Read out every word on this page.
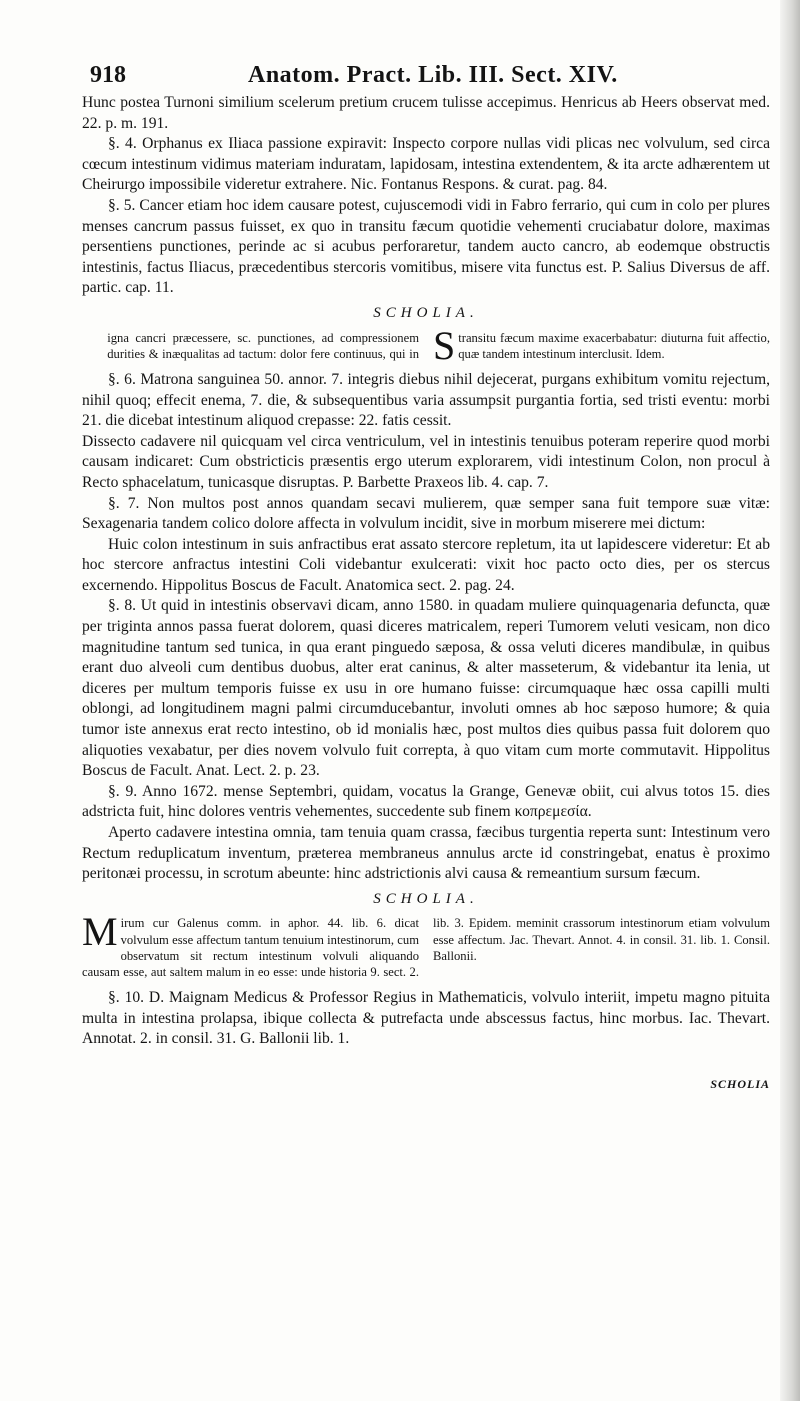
918	Anatom. Pract. Lib. III. Sect. XIV.

Hunc postea Turnoni similium scelerum pretium crucem tulisse accepimus. Henricus ab Heers observat med. 22. p. m. 191.

§. 4. Orphanus ex Iliaca passione expiravit: Inspecto corpore nullas vidi plicas nec volvulum, sed circa cœcum intestinum vidimus materiam induratam, lapidosam, intestina extendentem, & ita arcte adhærentem ut Cheirurgo impossibile videretur extrahere. Nic. Fontanus Respons. & curat. pag. 84.

§. 5. Cancer etiam hoc idem causare potest, cujuscemodi vidi in Fabro ferrario, qui cum in colo per plures menses cancrum passus fuisset, ex quo in transitu fæcum quotidie vehementi cruciabatur dolore, maximas persentiens punctiones, perinde ac si acubus perforaretur, tandem aucto cancro, ab eodemque obstructis intestinis, factus Iliacus, præcedentibus stercoris vomitibus, misere vita functus est. P. Salius Diversus de aff. partic. cap. 11.

SCHOLIA.
S
igna cancri præcessere, sc. punctiones, ad compressionem durities & inæqualitas ad tactum: dolor fere continuus, qui in transitu fæcum maxime exacerbabatur: diuturna fuit affectio, quæ tandem intestinum interclusit. Idem.

§. 6. Matrona sanguinea 50. annor. 7. integris diebus nihil dejecerat, purgans exhibitum vomitu rejectum, nihil quoq; effecit enema, 7. die, & subsequentibus varia assumpsit purgantia fortia, sed tristi eventu: morbi 21. die dicebat intestinum aliquod crepasse: 22. fatis cessit.

Dissecto cadavere nil quicquam vel circa ventriculum, vel in intestinis tenuibus poteram reperire quod morbi causam indicaret: Cum obstricticis præsentis ergo uterum explorarem, vidi intestinum Colon, non procul à Recto sphacelatum, tunicasque disruptas. P. Barbette Praxeos lib. 4. cap. 7.

§. 7. Non multos post annos quandam secavi mulierem, quæ semper sana fuit tempore suæ vitæ: Sexagenaria tandem colico dolore affecta in volvulum incidit, sive in morbum miserere mei dictum:

Huic colon intestinum in suis anfractibus erat assato stercore repletum, ita ut lapidescere videretur: Et ab hoc stercore anfractus intestini Coli videbantur exulcerati: vixit hoc pacto octo dies, per os stercus excernendo. Hippolitus Boscus de Facult. Anatomica sect. 2. pag. 24.

§. 8. Ut quid in intestinis observavi dicam, anno 1580. in quadam muliere quinquagenaria defuncta, quæ per triginta annos passa fuerat dolorem, quasi diceres matricalem, reperi Tumorem veluti vesicam, non dico magnitudine tantum sed tunica, in qua erant pinguedo sæposa, & ossa veluti diceres mandibulæ, in quibus erant duo alveoli cum dentibus duobus, alter erat caninus, & alter masseterum, & videbantur ita lenia, ut diceres per multum temporis fuisse ex usu in ore humano fuisse: circumquaque hæc ossa capilli multi oblongi, ad longitudinem magni palmi circumducebantur, involuti omnes ab hoc sæposo humore; & quia tumor iste annexus erat recto intestino, ob id monialis hæc, post multos dies quibus passa fuit dolorem quo aliquoties vexabatur, per dies novem volvulo fuit correpta, à quo vitam cum morte commutavit. Hippolitus Boscus de Facult. Anat. Lect. 2. p. 23.

§. 9. Anno 1672. mense Septembri, quidam, vocatus la Grange, Genevæ obiit, cui alvus totos 15. dies adstricta fuit, hinc dolores ventris vehementes, succedente sub finem κοπρεμεσία.

Aperto cadavere intestina omnia, tam tenuia quam crassa, fæcibus turgentia reperta sunt: Intestinum vero Rectum reduplicatum inventum, præterea membraneus annulus arcte id constringebat, enatus è proximo peritonæi processu, in scrotum abeunte: hinc adstrictionis alvi causa & remeantium sursum fæcum.

SCHOLIA.
Mirum cur Galenus comm. in aphor. 44. lib. 6. dicat volvulum esse affectum tantum tenuium intestinorum, cum observatum sit rectum intestinum volvuli aliquando causam esse, aut saltem malum in eo esse: unde historia 9. sect. 2. lib. 3. Epidem. meminit crassorum intestinorum etiam volvulum esse affectum. Jac. Thevart. Annot. 4. in consil. 31. lib. 1. Consil. Ballonii.

§. 10. D. Maignam Medicus & Professor Regius in Mathematicis, volvulo interiit, impetu magno pituita multa in intestina prolapsa, ibique collecta & putrefacta unde abscessus factus, hinc morbus. Iac. Thevart. Annotat. 2. in consil. 31. G. Ballonii lib. 1.

SCHOLIA
